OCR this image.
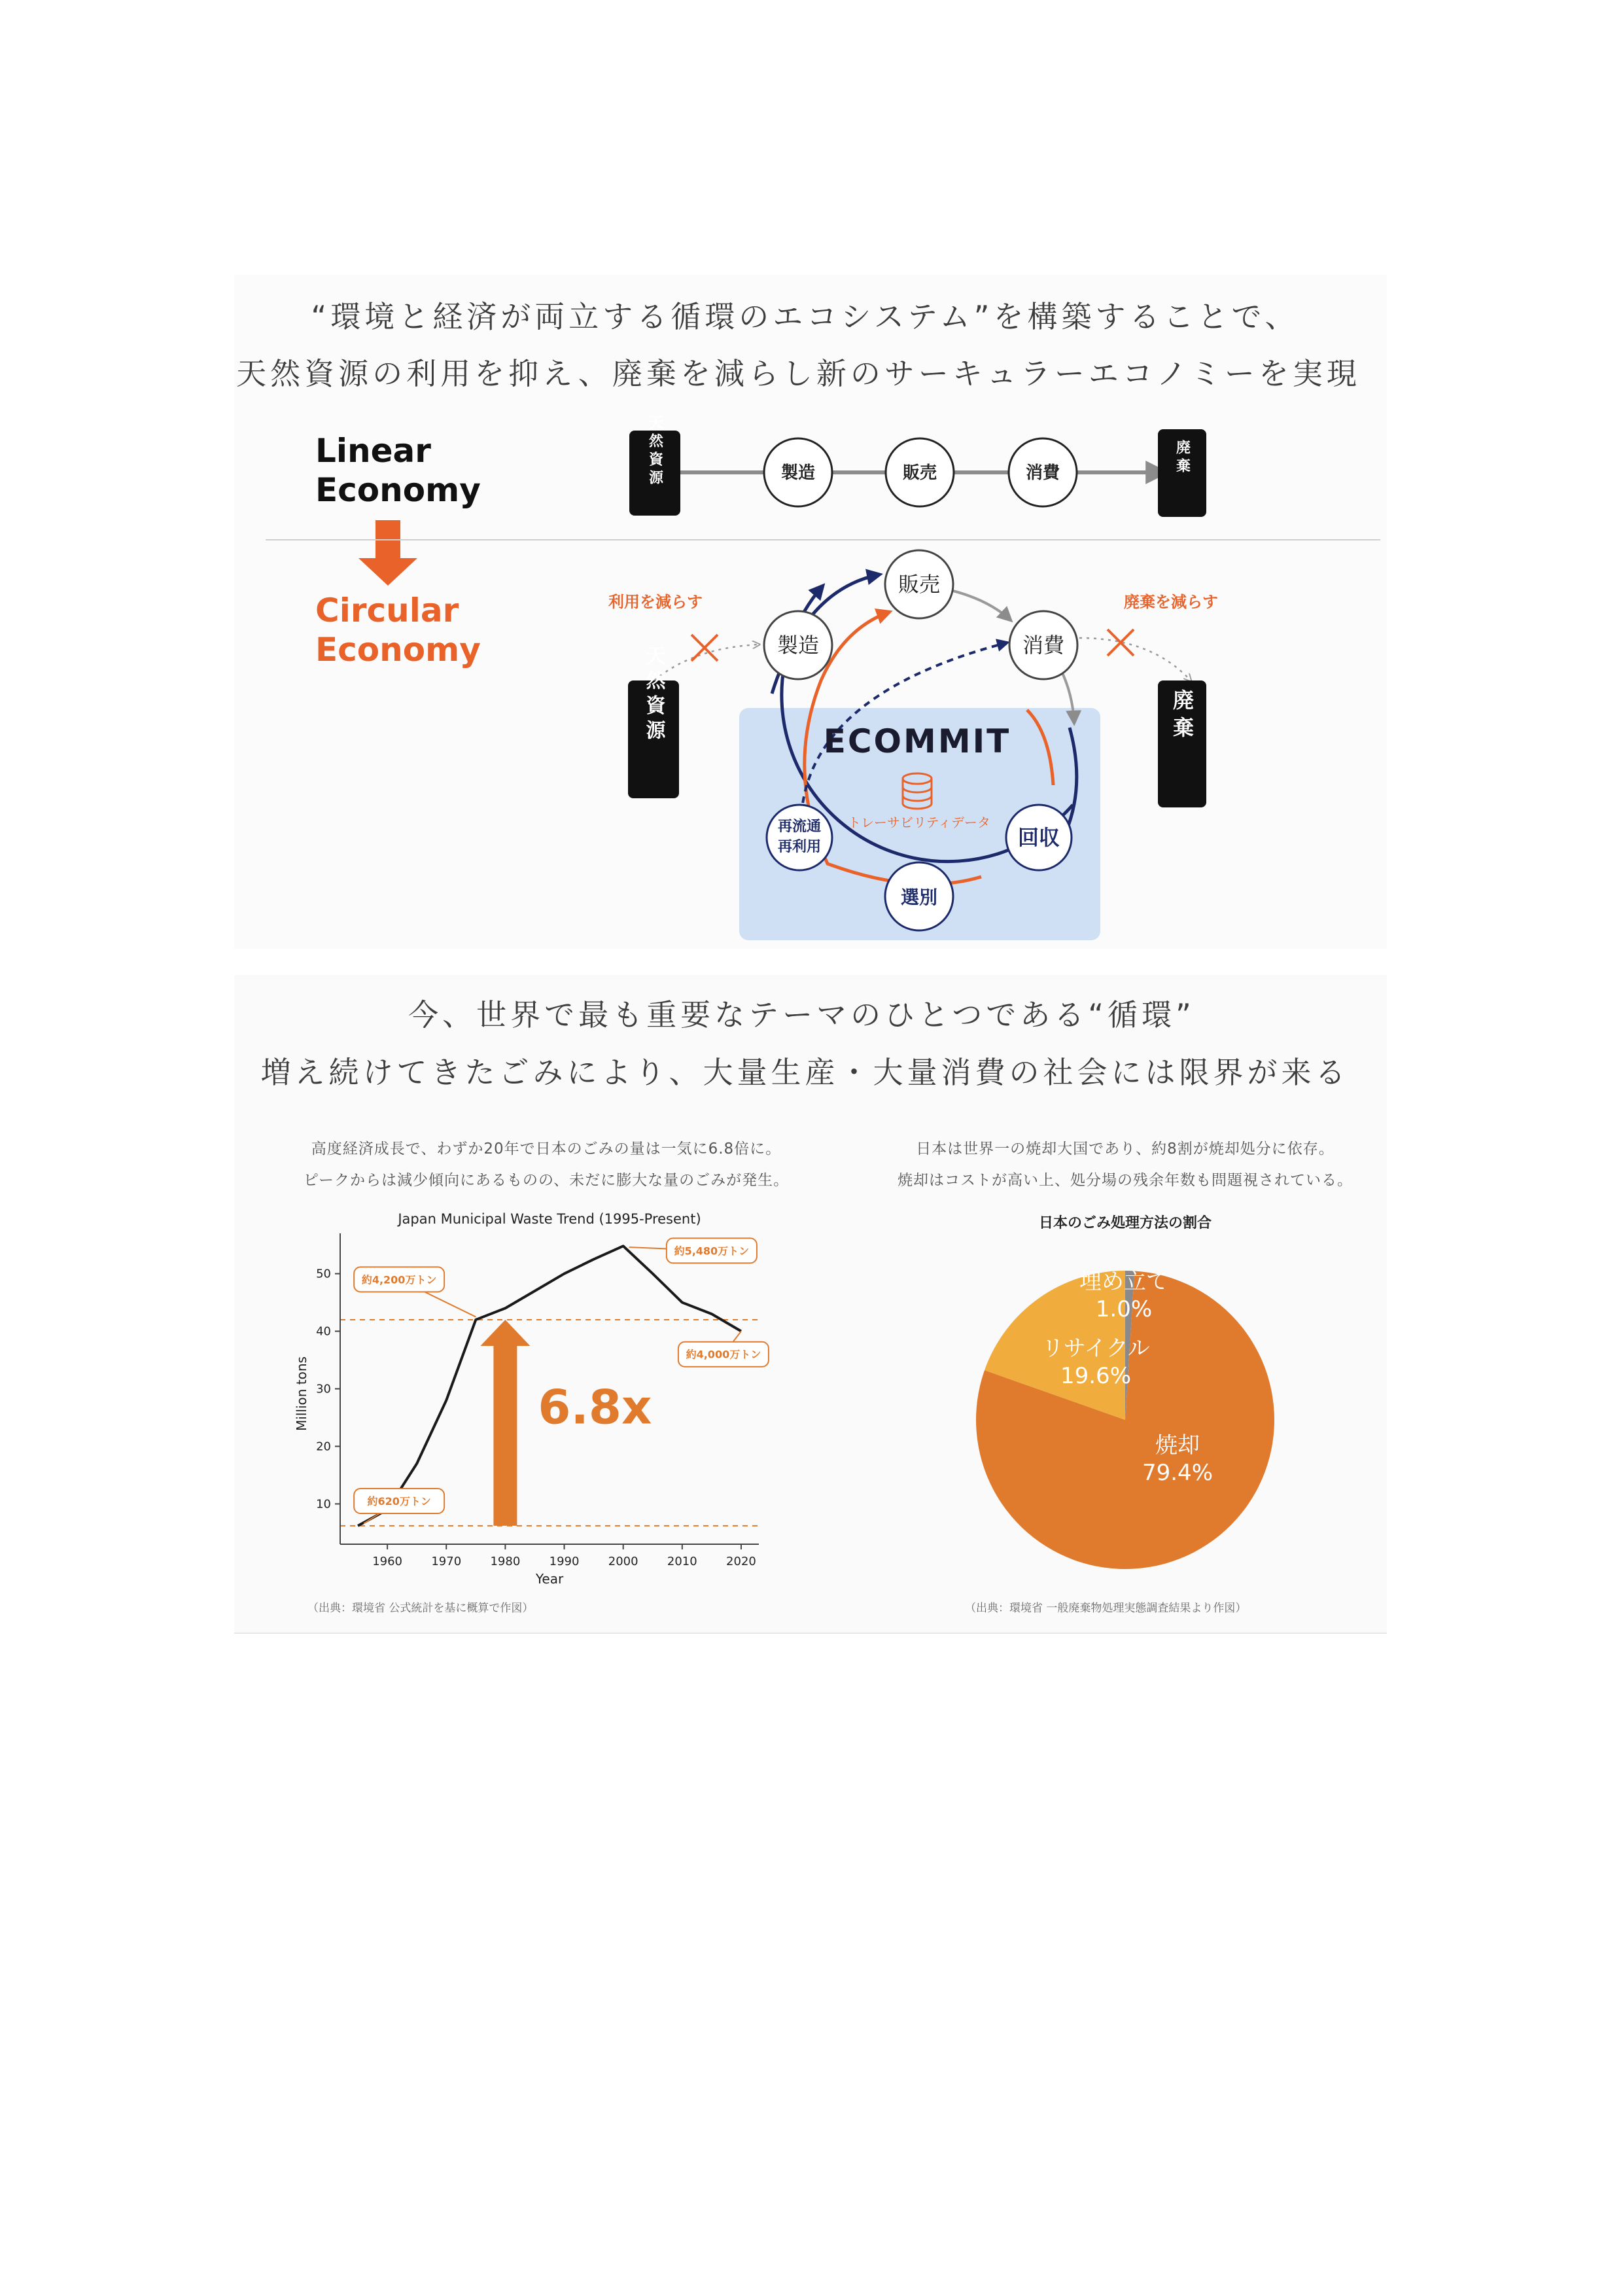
“環境と経済が両立する循環のエコシステム”を構築することで、
天然資源の利用を抑え、廃棄を減らし新のサーキュラーエコノミーを実現
Linear
Economy
Circular
Economy
天然資源	製造	販売	消費	廃棄
利用を減らす	廃棄を減らす
天然資源	廃棄
ECOMMIT
トレーサビリティデータ
販売
製造	消費
回収
選別
再流通
再利用
今、世界で最も重要なテーマのひとつである“循環”
増え続けてきたごみにより、大量生産・大量消費の社会には限界が来る
高度経済成長で、わずか20年で日本のごみの量は一気に6.8倍に。
ピークからは減少傾向にあるものの、未だに膨大な量のごみが発生。
日本は世界一の焼却大国であり、約8割が焼却処分に依存。
焼却はコストが高い上、処分場の残余年数も問題視されている。
Japan Municipal Waste Trend (1995-Present)
Million tons
Year
1960 1970 1980 1990 2000 2010 2020
10
20
30
40
50
6.8x
約620万トン
約4,200万トン
約5,480万トン
約4,000万トン
（出典：環境省 公式統計を基に概算で作図）
日本のごみ処理方法の割合
焼却
79.4%
リサイクル
19.6%
埋め立て
1.0%
（出典：環境省 一般廃棄物処理実態調査結果より作図）
